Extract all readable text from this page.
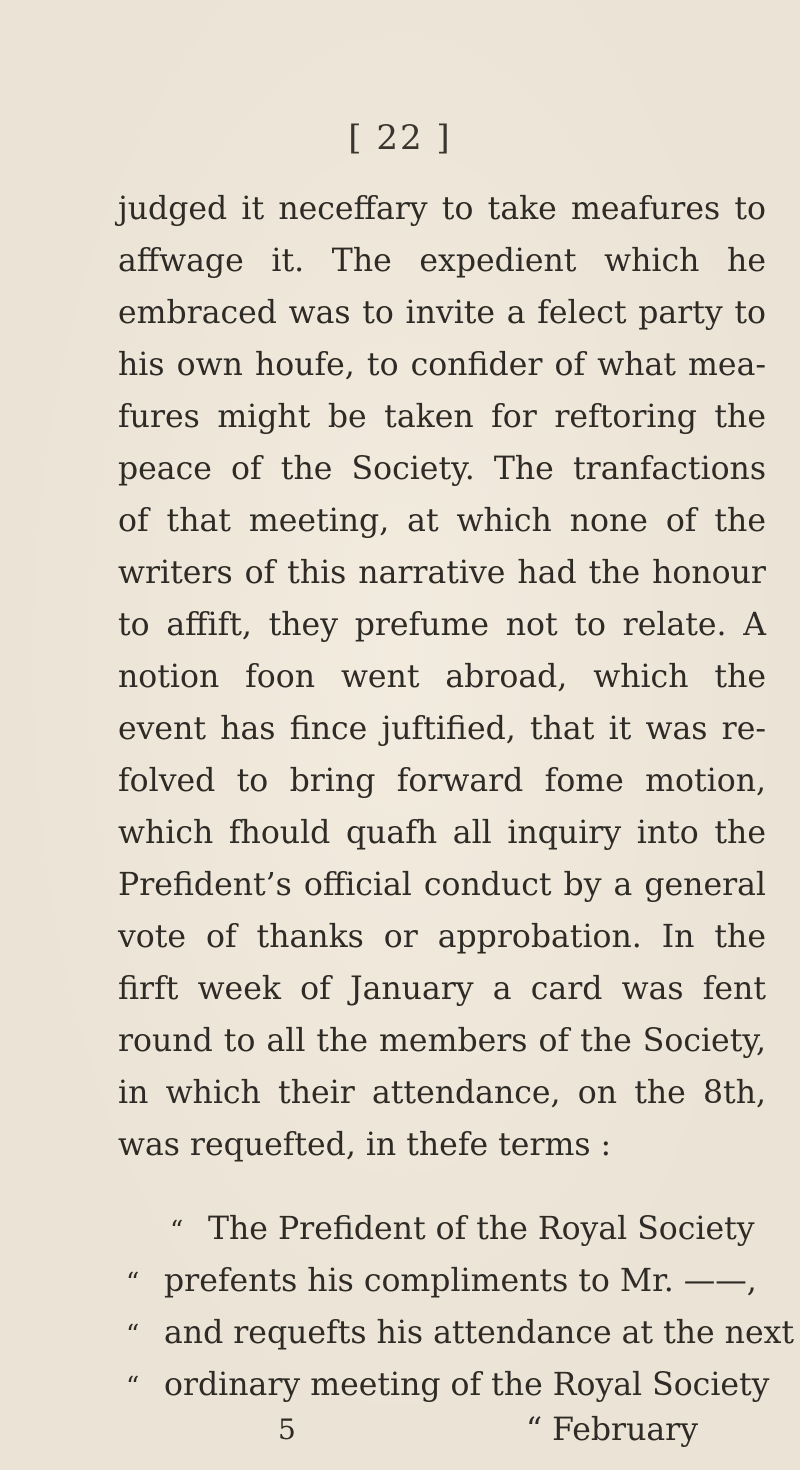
[ 22 ]
judged it neceffary to take meafures to
affwage it. The expedient which he
embraced was to invite a felect party to
his own houfe, to confider of what mea-
fures might be taken for reftoring the
peace of the Society. The tranfactions
of that meeting, at which none of the
writers of this narrative had the honour
to affift, they prefume not to relate. A
notion foon went abroad, which the
event has fince juftified, that it was re-
folved to bring forward fome motion,
which fhould quafh all inquiry into the
Prefident’s official conduct by a general
vote of thanks or approbation. In the
firft week of January a card was fent
round to all the members of the Society,
in which their attendance, on the 8th,
was requefted, in thefe terms :
“ The Prefident of the Royal Society
“ prefents his compliments to Mr. ——,
“ and requefts his attendance at the next
“ ordinary meeting of the Royal Society
5	“ February
